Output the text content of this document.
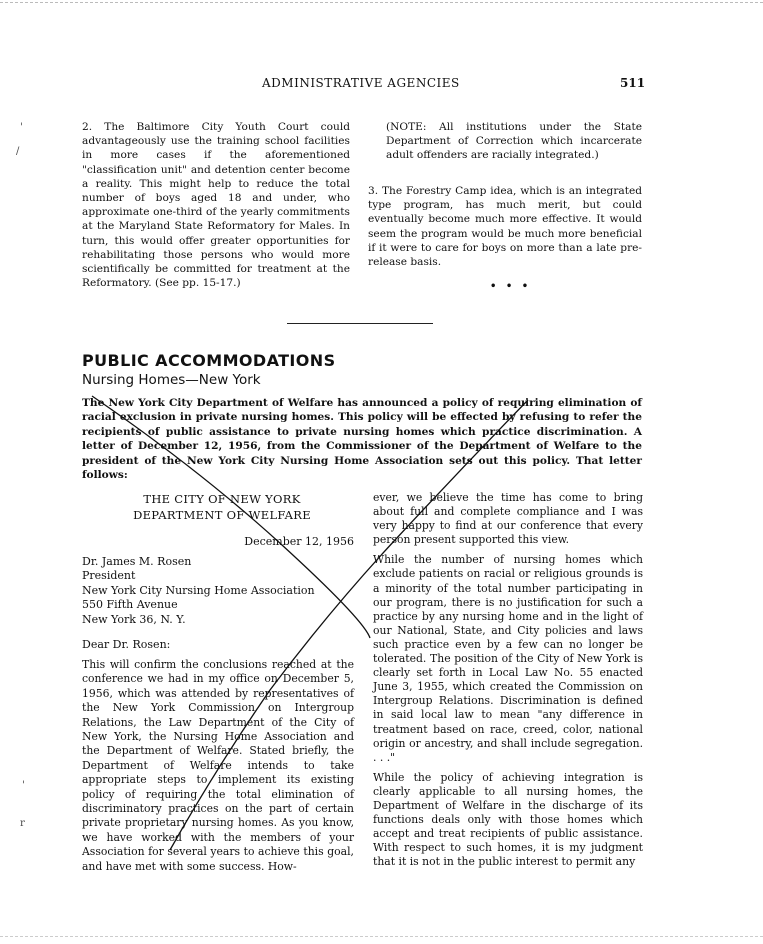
ADMINISTRATIVE AGENCIES	511
2. The Baltimore City Youth Court could advantageously use the training school facilities in more cases if the aforementioned "classification unit" and detention center become a reality. This might help to reduce the total number of boys aged 18 and under, who approximate one-third of the yearly commitments at the Maryland State Reformatory for Males. In turn, this would offer greater opportunities for rehabilitating those persons who would more scientifically be committed for treatment at the Reformatory. (See pp. 15-17.)
(NOTE: All institutions under the State Department of Correction which incarcerate adult offenders are racially integrated.)
3. The Forestry Camp idea, which is an integrated type program, has much merit, but could eventually become much more effective. It would seem the program would be much more beneficial if it were to care for boys on more than a late pre-release basis.
• • •
PUBLIC ACCOMMODATIONS
Nursing Homes—New York
The New York City Department of Welfare has announced a policy of requiring elimination of racial exclusion in private nursing homes. This policy will be effected by refusing to refer the recipients of public assistance to private nursing homes which practice discrimination. A letter of December 12, 1956, from the Commissioner of the Department of Welfare to the president of the New York City Nursing Home Association sets out this policy. That letter follows:
THE CITY OF NEW YORK
DEPARTMENT OF WELFARE
December 12, 1956
Dr. James M. Rosen
President
New York City Nursing Home Association
550 Fifth Avenue
New York 36, N. Y.
Dear Dr. Rosen:

This will confirm the conclusions reached at the conference we had in my office on December 5, 1956, which was attended by representatives of the New York Commission on Intergroup Relations, the Law Department of the City of New York, the Nursing Home Association and the Department of Welfare. Stated briefly, the Department of Welfare intends to take appropriate steps to implement its existing policy of requiring the total elimination of discriminatory practices on the part of certain private proprietary nursing homes. As you know, we have worked with the members of your Association for several years to achieve this goal, and have met with some success. How-

ever, we believe the time has come to bring about full and complete compliance and I was very happy to find at our conference that every person present supported this view.

While the number of nursing homes which exclude patients on racial or religious grounds is a minority of the total number participating in our program, there is no justification for such a practice by any nursing home and in the light of our National, State, and City policies and laws such practice even by a few can no longer be tolerated. The position of the City of New York is clearly set forth in Local Law No. 55 enacted June 3, 1955, which created the Commission on Intergroup Relations. Discrimination is defined in said local law to mean "any difference in treatment based on race, creed, color, national origin or ancestry, and shall include segregation. . . ."

While the policy of achieving integration is clearly applicable to all nursing homes, the Department of Welfare in the discharge of its functions deals only with those homes which accept and treat recipients of public assistance. With respect to such homes, it is my judgment that it is not in the public interest to permit any

'
/
'
r
